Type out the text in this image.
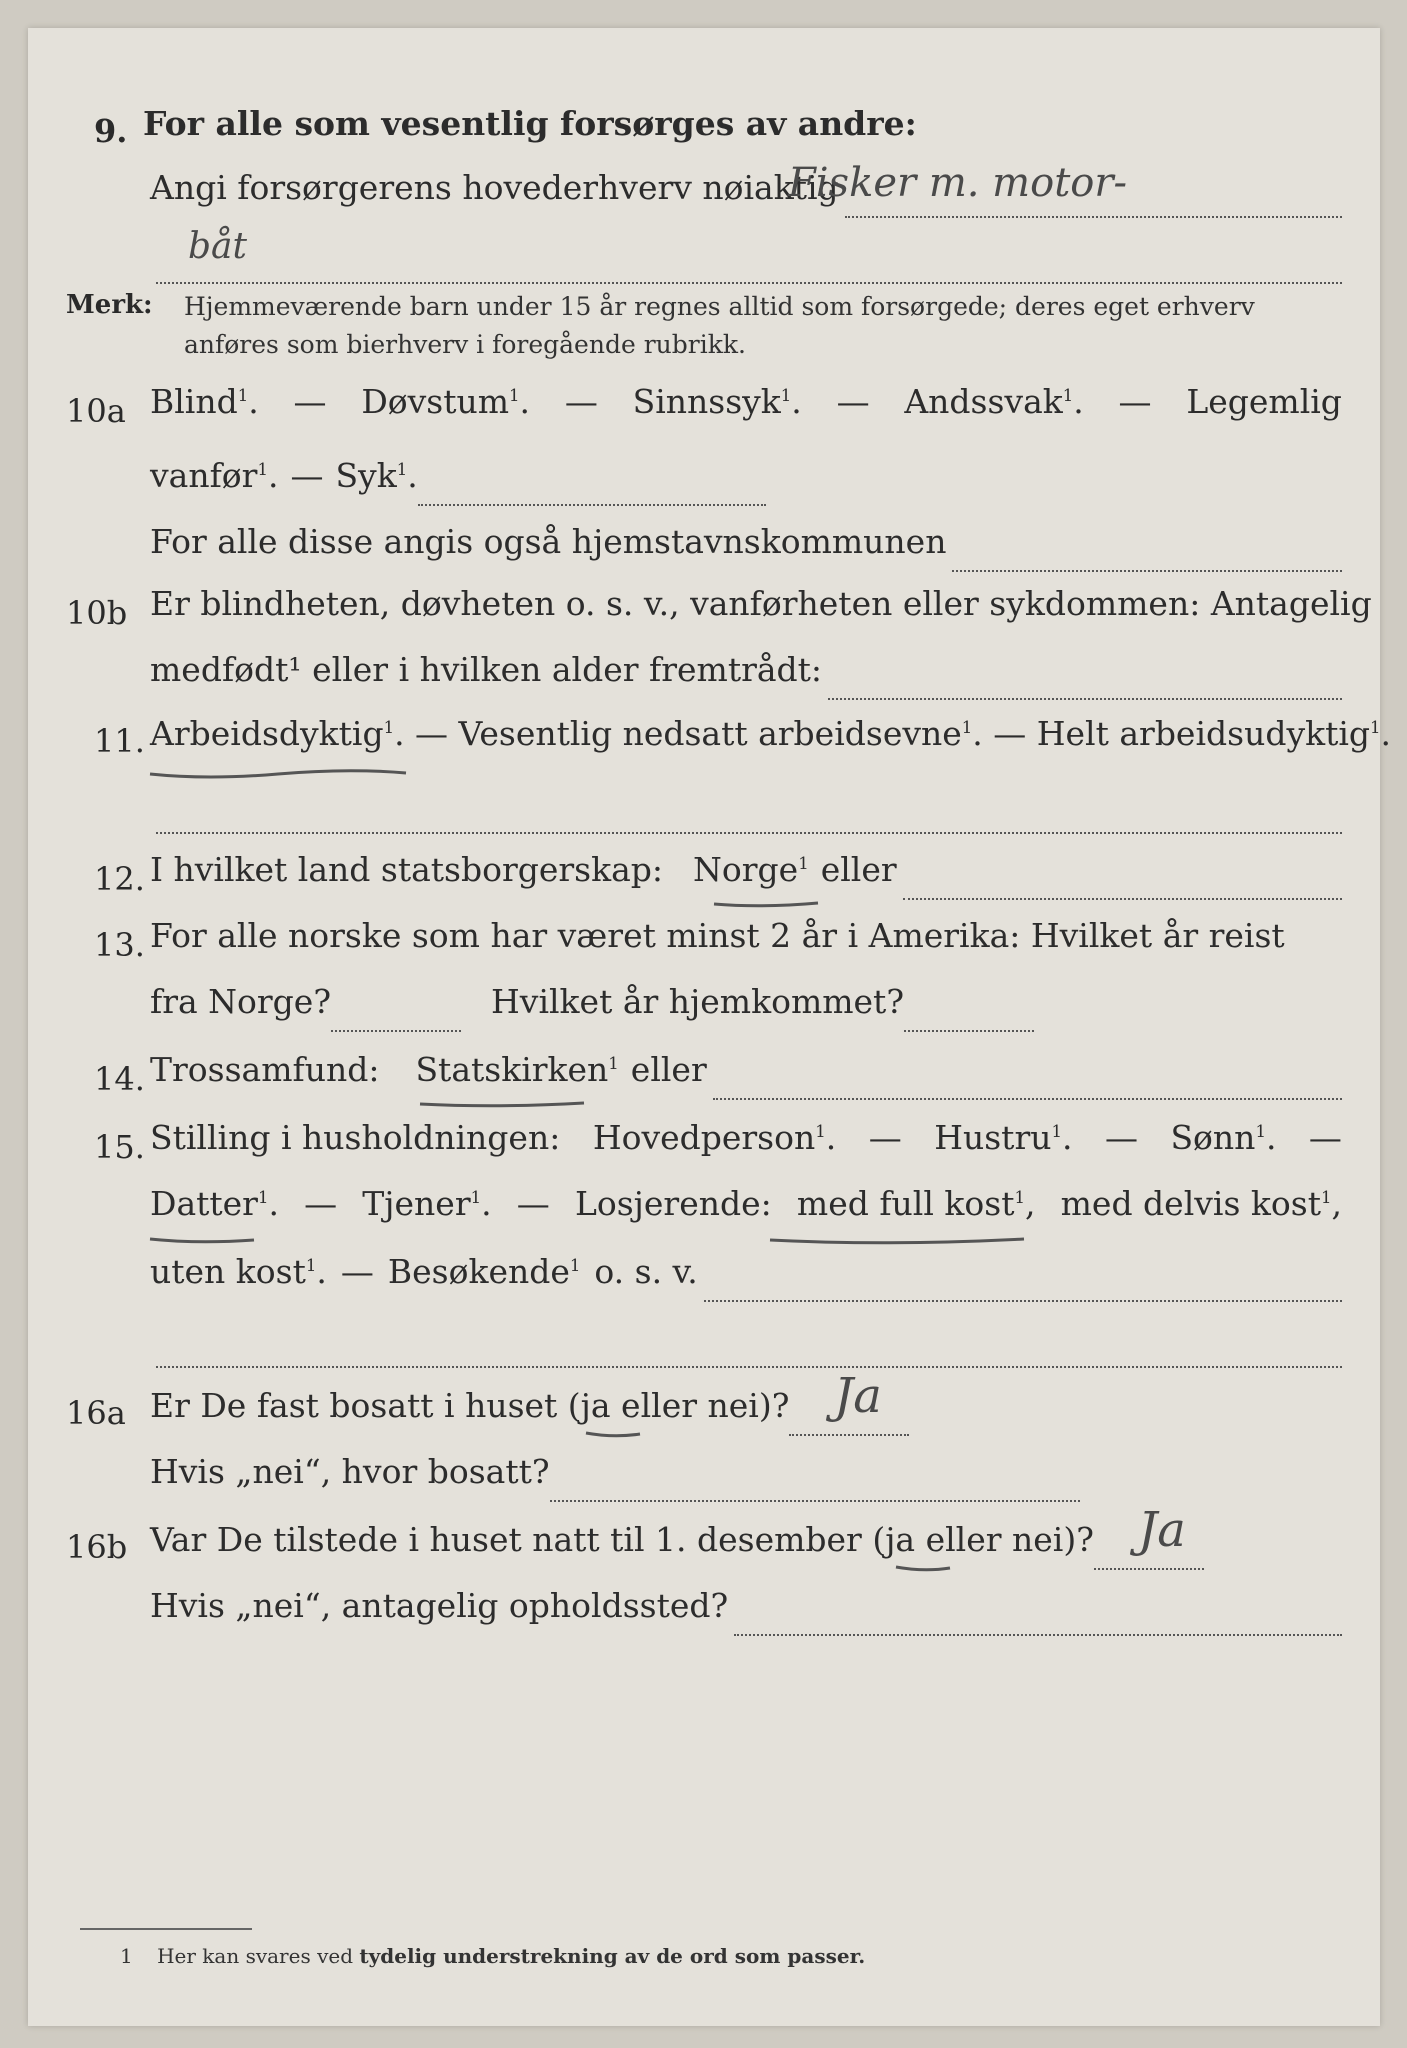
9. For alle som vesentlig forsørges av andre:
Angi forsørgerens hovederhverv nøiaktig
Fisker m. motor-
båt
Merk: Hjemmeværende barn under 15 år regnes alltid som forsørgede; deres eget erhverv
anføres som bierhverv i foregående rubrikk.
10a Blind$^1$. — Døvstum$^1$. — Sinnssyk$^1$. — Andssvak$^1$. — Legemlig
vanfør$^1$. — Syk$^1$.
For alle disse angis også hjemstavnskommunen
10b Er blindheten, døvheten o. s. v., vanførheten eller sykdommen: Antagelig
medfødt¹ eller i hvilken alder fremtrådt:
11. Arbeidsdyktig$^1$ . — Vesentlig nedsatt arbeidsevne$^1$ . — Helt arbeidsudyktig$^1$.
12. I hvilket land statsborgerskap: Norge$^1$ eller
13. For alle norske som har været minst 2 år i Amerika: Hvilket år reist
fra Norge?	Hvilket år hjemkommet?
14. Trossamfund: Statskirken$^1$ eller
15. Stilling i husholdningen: Hovedperson$^1$. — Hustru$^1$. — Sønn$^1$. —
Datter$^1$. — Tjener$^1$. — Losjerende: med full kost$^1$, med delvis kost$^1$,
uten kost$^1$. — Besøkende$^1$ o. s. v.
16a Er De fast bosatt i huset (ja eller nei)? Ja
Hvis „nei“, hvor bosatt?
16b Var De tilstede i huset natt til 1. desember (ja eller nei)? Ja
Hvis „nei“, antagelig opholdssted?
1 Her kan svares ved tydelig understrekning av de ord som passer.
